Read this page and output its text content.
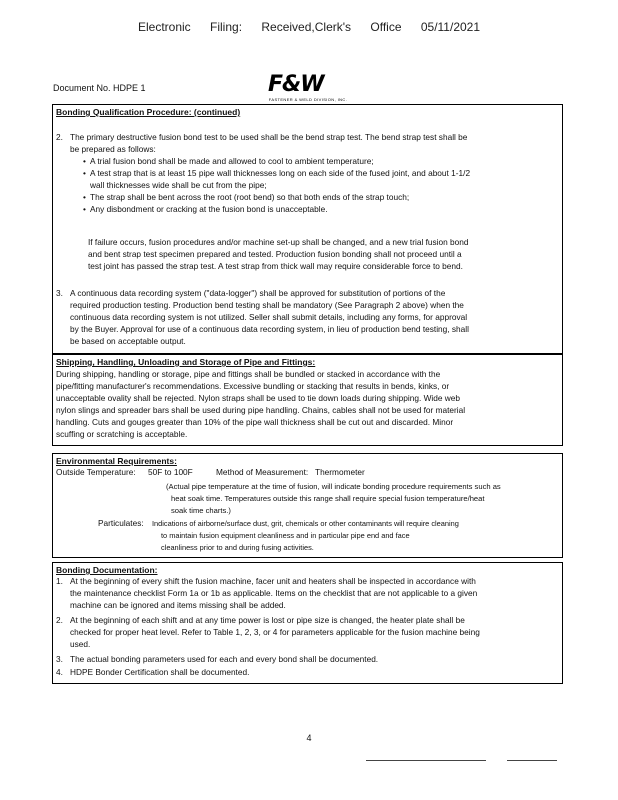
Electronic Filing: Received,Clerk's Office 05/11/2021
Document No. HDPE 1	F&W
FASTENER & WELD DIVISION, INC.
Bonding Qualification Procedure: (continued)
2. The primary destructive fusion bond test to be used shall be the bend strap test. The bend strap test shall be
be prepared as follows:
• A trial fusion bond shall be made and allowed to cool to ambient temperature;
• A test strap that is at least 15 pipe wall thicknesses long on each side of the fused joint, and about 1-1/2
wall thicknesses wide shall be cut from the pipe;
• The strap shall be bent across the root (root bend) so that both ends of the strap touch;
• Any disbondment or cracking at the fusion bond is unacceptable.
If failure occurs, fusion procedures and/or machine set-up shall be changed, and a new trial fusion bond
and bent strap test specimen prepared and tested. Production fusion bonding shall not proceed until a
test joint has passed the strap test. A test strap from thick wall may require considerable force to bend.
3. A continuous data recording system ("data-logger") shall be approved for substitution of portions of the
required production testing. Production bend testing shall be mandatory (See Paragraph 2 above) when the
continuous data recording system is not utilized. Seller shall submit details, including any forms, for approval
by the Buyer. Approval for use of a continuous data recording system, in lieu of production bend testing, shall
be based on acceptable output.
Shipping, Handling, Unloading and Storage of Pipe and Fittings:
During shipping, handling or storage, pipe and fittings shall be bundled or stacked in accordance with the
pipe/fitting manufacturer's recommendations. Excessive bundling or stacking that results in bends, kinks, or
unacceptable ovality shall be rejected. Nylon straps shall be used to tie down loads during shipping. Wide web
nylon slings and spreader bars shall be used during pipe handling. Chains, cables shall not be used for material
handling. Cuts and gouges greater than 10% of the pipe wall thickness shall be cut out and discarded. Minor
scuffing or scratching is acceptable.
Environmental Requirements:
Outside Temperature: 50F to 100F	Method of Measurement: Thermometer
(Actual pipe temperature at the time of fusion, will indicate bonding procedure requirements such as
heat soak time. Temperatures outside this range shall require special fusion temperature/heat
soak time charts.)
Particulates: Indications of airborne/surface dust, grit, chemicals or other contaminants will require cleaning
to maintain fusion equipment cleanliness and in particular pipe end and face
cleanliness prior to and during fusing activities.
Bonding Documentation:
1. At the beginning of every shift the fusion machine, facer unit and heaters shall be inspected in accordance with
the maintenance checklist Form 1a or 1b as applicable. Items on the checklist that are not applicable to a given
machine can be ignored and items missing shall be added.
2. At the beginning of each shift and at any time power is lost or pipe size is changed, the heater plate shall be
checked for proper heat level. Refer to Table 1, 2, 3, or 4 for parameters applicable for the fusion machine being
used.
3. The actual bonding parameters used for each and every bond shall be documented.
4. HDPE Bonder Certification shall be documented.
4
